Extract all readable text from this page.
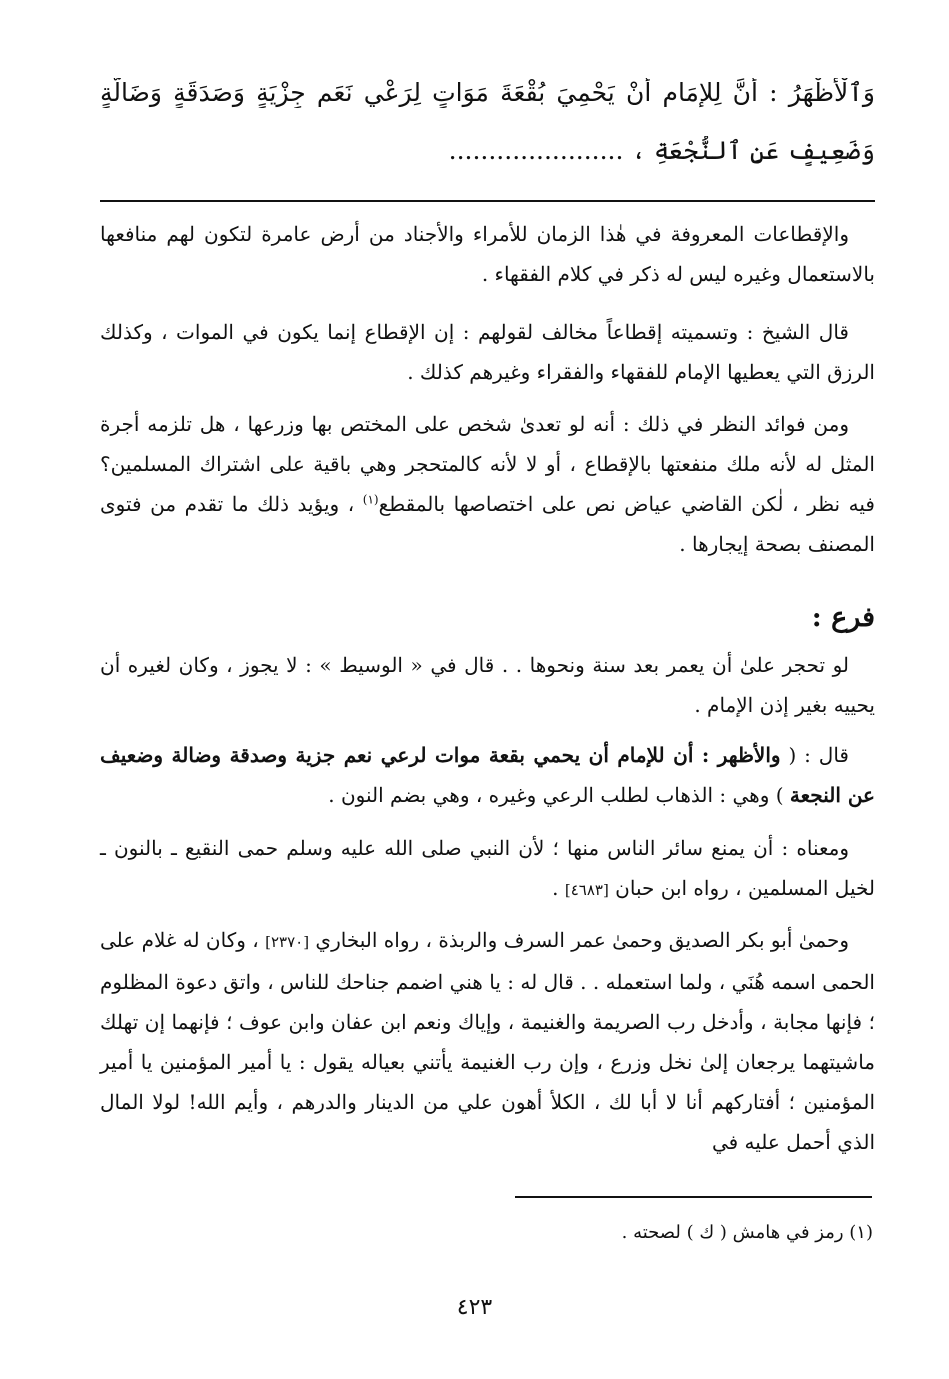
وَٱلْأَظْهَرُ : أَنَّ لِلإِمَامِ أَنْ يَحْمِيَ بُقْعَةَ مَوَاتٍ لِرَعْيِ نَعَمِ جِزْيَةٍ وَصَدَقَةٍ وَضَالَّةٍ
وَضَعِيفٍ عَنِ ٱلنُّجْعَةِ ، ......................

والإقطاعات المعروفة في هٰذا الزمان للأمراء والأجناد من أرض عامرة لتكون لهم منافعها بالاستعمال وغيره ليس له ذكر في كلام الفقهاء .

قال الشيخ : وتسميته إقطاعاً مخالف لقولهم : إن الإقطاع إنما يكون في الموات ، وكذلك الرزق التي يعطيها الإمام للفقهاء والفقراء وغيرهم كذلك .

ومن فوائد النظر في ذلك : أنه لو تعدىٰ شخص على المختص بها وزرعها ، هل تلزمه أجرة المثل له لأنه ملك منفعتها بالإقطاع ، أو لا لأنه كالمتحجر وهي باقية على اشتراك المسلمين؟ فيه نظر ، لٰكن القاضي عياض نص على اختصاصها بالمقطع$^{(١)}$ ، ويؤيد ذلك ما تقدم من فتوى المصنف بصحة إيجارها .

فرع :

لو تحجر علىٰ أن يعمر بعد سنة ونحوها . . قال في « الوسيط » : لا يجوز ، وكان لغيره أن يحييه بغير إذن الإمام .

قال : ( والأظهر : أن للإمام أن يحمي بقعة موات لرعي نعم جزية وصدقة وضالة وضعيف عن النجعة ) وهي : الذهاب لطلب الرعي وغيره ، وهي بضم النون .

ومعناه : أن يمنع سائر الناس منها ؛ لأن النبي صلى الله عليه وسلم حمى النقيع ـ بالنون ـ لخيل المسلمين ، رواه ابن حبان [٤٦٨٣] .

وحمىٰ أبو بكر الصديق وحمىٰ عمر السرف والربذة ، رواه البخاري [٢٣٧٠] ، وكان له غلام على الحمى اسمه هُنَي ، ولما استعمله . . قال له : يا هني اضمم جناحك للناس ، واتق دعوة المظلوم ؛ فإنها مجابة ، وأدخل رب الصريمة والغنيمة ، وإياك ونعم ابن عفان وابن عوف ؛ فإنهما إن تهلك ماشيتهما يرجعان إلىٰ نخل وزرع ، وإن رب الغنيمة يأتني بعياله يقول : يا أمير المؤمنين يا أمير المؤمنين ؛ أفتاركهم أنا لا أبا لك ، الكلأ أهون علي من الدينار والدرهم ، وأيم الله! لولا المال الذي أحمل عليه في

(١) رمز في هامش ( ك ) لصحته .
٤٢٣
